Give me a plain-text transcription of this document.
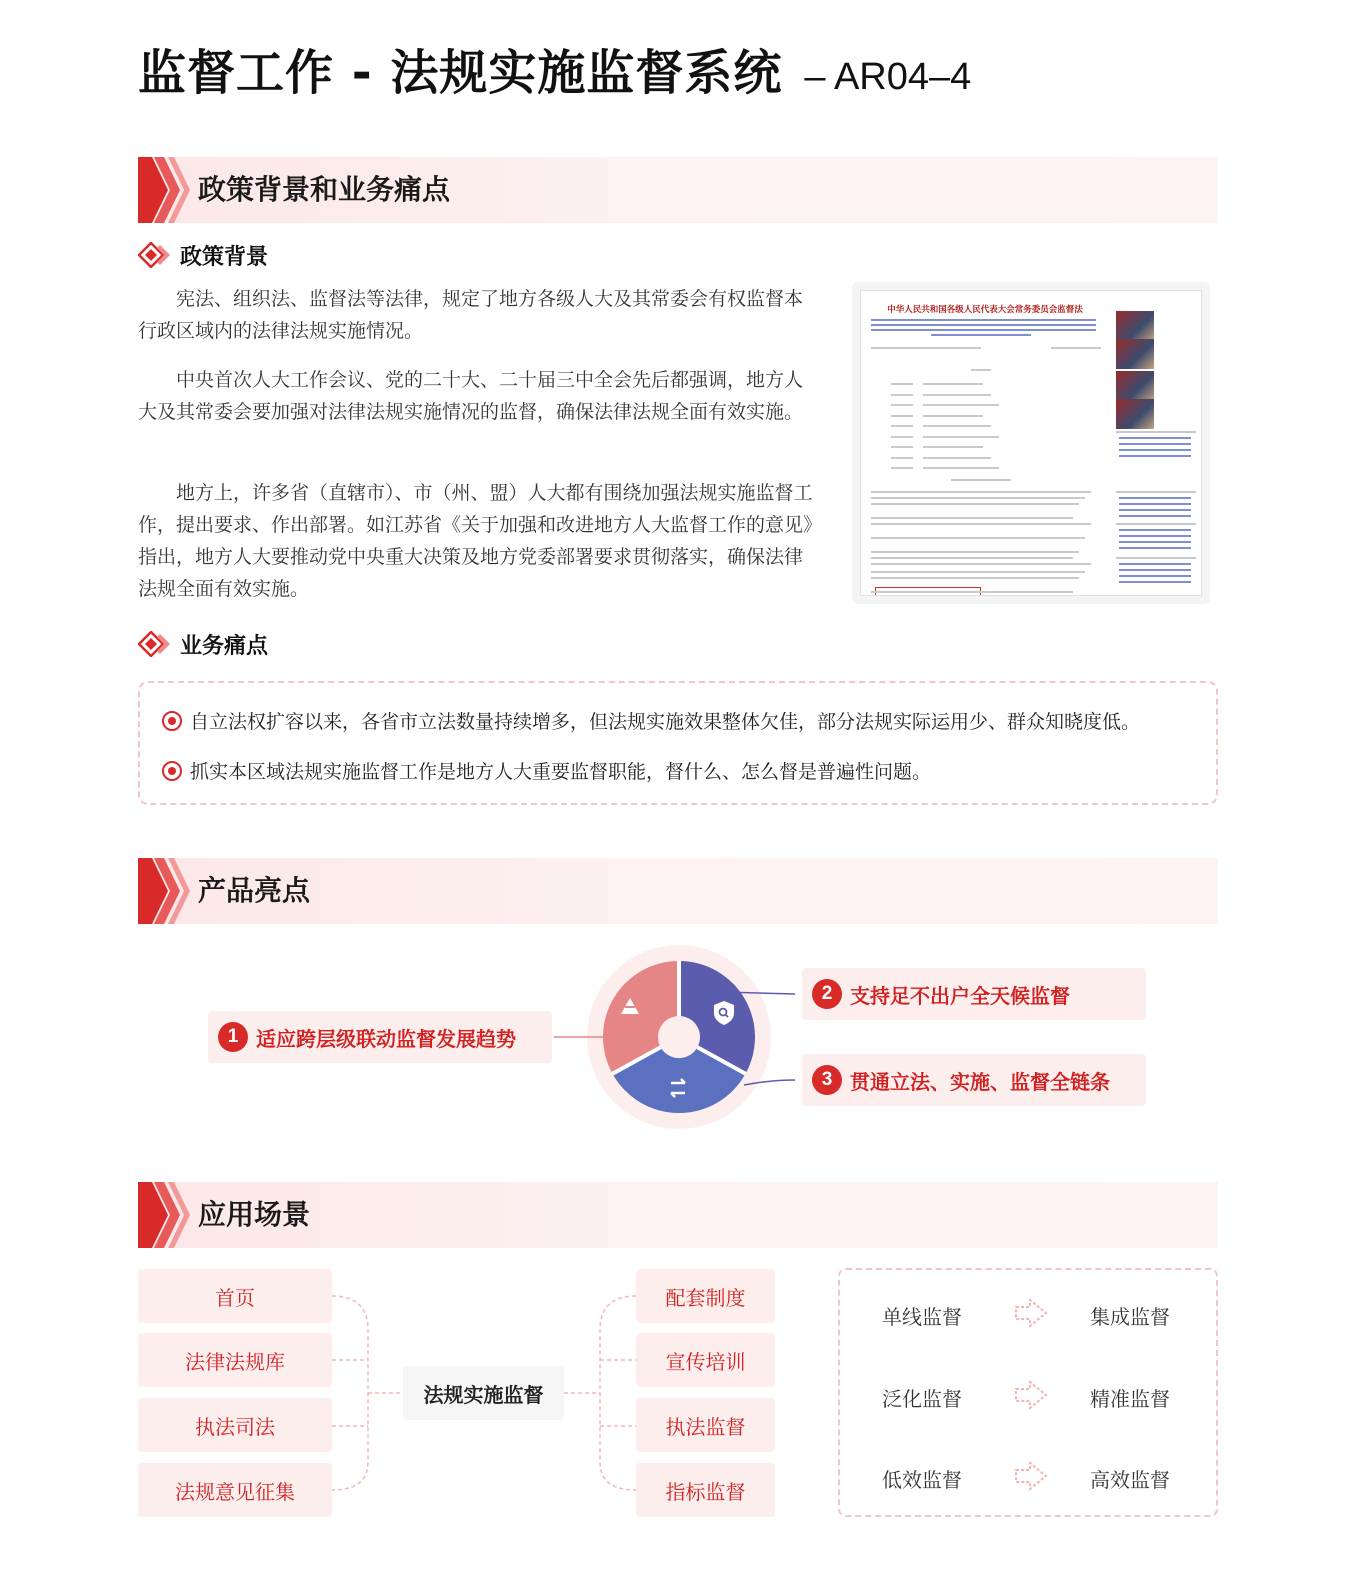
监督工作 - 法规实施监督系统 – AR04–4
政策背景和业务痛点
政策背景
宪法、组织法、监督法等法律，规定了地方各级人大及其常委会有权监督本行政区域内的法律法规实施情况。
中央首次人大工作会议、党的二十大、二十届三中全会先后都强调，地方人大及其常委会要加强对法律法规实施情况的监督，确保法律法规全面有效实施。
地方上，许多省（直辖市）、市（州、盟）人大都有围绕加强法规实施监督工作，提出要求、作出部署。如江苏省《关于加强和改进地方人大监督工作的意见》指出，地方人大要推动党中央重大决策及地方党委部署要求贯彻落实，确保法律法规全面有效实施。
中华人民共和国各级人民代表大会常务委员会监督法
业务痛点
自立法权扩容以来，各省市立法数量持续增多，但法规实施效果整体欠佳，部分法规实际运用少、群众知晓度低。
抓实本区域法规实施监督工作是地方人大重要监督职能，督什么、怎么督是普遍性问题。
产品亮点
1 适应跨层级联动监督发展趋势
2 支持足不出户全天候监督
3 贯通立法、实施、监督全链条
应用场景
首页
法律法规库
执法司法
法规意见征集
法规实施监督
配套制度
宣传培训
执法监督
指标监督
单线监督	集成监督
泛化监督	精准监督
低效监督	高效监督
